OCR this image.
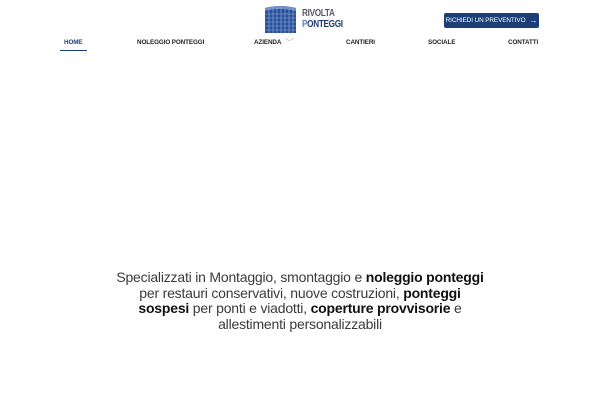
RIVOLTA
PONTEGGI	RICHIEDI UN PREVENTIVO →
HOME	NOLEGGIO PONTEGGI	AZIENDA ﹀	CANTIERI	SOCIALE	CONTATTI
Specializzati in Montaggio, smontaggio e noleggio ponteggi
per restauri conservativi, nuove costruzioni, ponteggi
sospesi per ponti e viadotti, coperture provvisorie e
allestimenti personalizzabili
